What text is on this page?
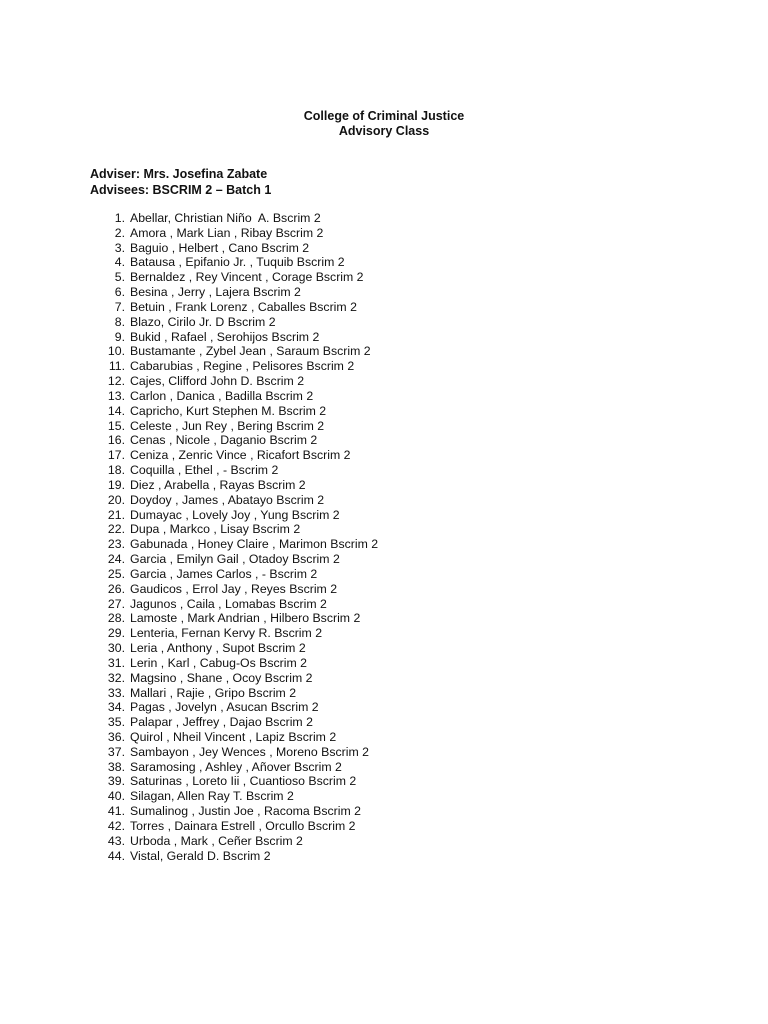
College of Criminal Justice
Advisory Class
Adviser: Mrs. Josefina Zabate
Advisees: BSCRIM 2 – Batch 1
1. Abellar, Christian Niño  A. Bscrim 2
2. Amora , Mark Lian , Ribay Bscrim 2
3. Baguio , Helbert , Cano Bscrim 2
4. Batausa , Epifanio Jr. , Tuquib Bscrim 2
5. Bernaldez , Rey Vincent , Corage Bscrim 2
6. Besina , Jerry , Lajera Bscrim 2
7. Betuin , Frank Lorenz , Caballes Bscrim 2
8. Blazo, Cirilo Jr. D Bscrim 2
9. Bukid , Rafael , Serohijos Bscrim 2
10. Bustamante , Zybel Jean , Saraum Bscrim 2
11. Cabarubias , Regine , Pelisores Bscrim 2
12. Cajes, Clifford John D. Bscrim 2
13. Carlon , Danica , Badilla Bscrim 2
14. Capricho, Kurt Stephen M. Bscrim 2
15. Celeste , Jun Rey , Bering Bscrim 2
16. Cenas , Nicole , Daganio Bscrim 2
17. Ceniza , Zenric Vince , Ricafort Bscrim 2
18. Coquilla , Ethel , - Bscrim 2
19. Diez , Arabella , Rayas Bscrim 2
20. Doydoy , James , Abatayo Bscrim 2
21. Dumayac , Lovely Joy , Yung Bscrim 2
22. Dupa , Markco , Lisay Bscrim 2
23. Gabunada , Honey Claire , Marimon Bscrim 2
24. Garcia , Emilyn Gail , Otadoy Bscrim 2
25. Garcia , James Carlos , - Bscrim 2
26. Gaudicos , Errol Jay , Reyes Bscrim 2
27. Jagunos , Caila , Lomabas Bscrim 2
28. Lamoste , Mark Andrian , Hilbero Bscrim 2
29. Lenteria, Fernan Kervy R. Bscrim 2
30. Leria , Anthony , Supot Bscrim 2
31. Lerin , Karl , Cabug-Os Bscrim 2
32. Magsino , Shane , Ocoy Bscrim 2
33. Mallari , Rajie , Gripo Bscrim 2
34. Pagas , Jovelyn , Asucan Bscrim 2
35. Palapar , Jeffrey , Dajao Bscrim 2
36. Quirol , Nheil Vincent , Lapiz Bscrim 2
37. Sambayon , Jey Wences , Moreno Bscrim 2
38. Saramosing , Ashley , Añover Bscrim 2
39. Saturinas , Loreto Iii , Cuantioso Bscrim 2
40. Silagan, Allen Ray T. Bscrim 2
41. Sumalinog , Justin Joe , Racoma Bscrim 2
42. Torres , Dainara Estrell , Orcullo Bscrim 2
43. Urboda , Mark , Ceñer Bscrim 2
44. Vistal, Gerald D. Bscrim 2
